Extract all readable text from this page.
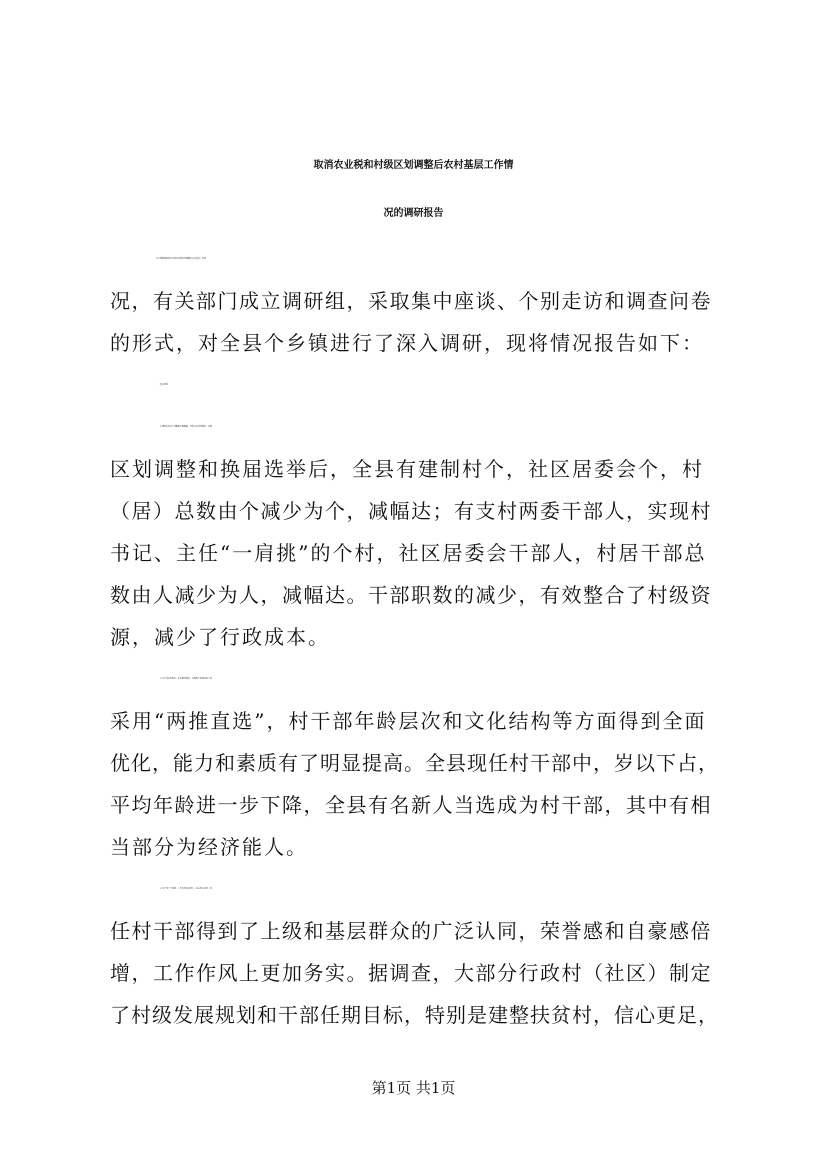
取消农业税和村级区划调整后农村基层工作情
况的调研报告
为全面掌握取消农业税和村级区划调整后农村基层工作情
况，有关部门成立调研组，采取集中座谈、个别走访和调查问卷
的形式，对全县个乡镇进行了深入调研，现将情况报告如下：
一、基本情况
1.建制村和村干部职数大幅精减，行政成本有所降低。村级
区划调整和换届选举后，全县有建制村个，社区居委会个，村
（居）总数由个减少为个，减幅达；有支村两委干部人，实现村
书记、主任“一肩挑”的个村，社区居委会干部人，村居干部总
数由人减少为人，减幅达。干部职数的减少，有效整合了村级资
源，减少了行政成本。
2.村干部结构优化，素质明显提高。村级班子换届选举全部
采用“两推直选”，村干部年龄层次和文化结构等方面得到全面
优化，能力和素质有了明显提高。全县现任村干部中，岁以下占，
平均年龄进一步下降，全县有名新人当选成为村干部，其中有相
当部分为经济能人。
3.村干部士气高涨，工作作风更加务实。经过优中选优，现
任村干部得到了上级和基层群众的广泛认同，荣誉感和自豪感倍
增，工作作风上更加务实。据调查，大部分行政村（社区）制定
了村级发展规划和干部任期目标，特别是建整扶贫村，信心更足，
第1页 共1页
